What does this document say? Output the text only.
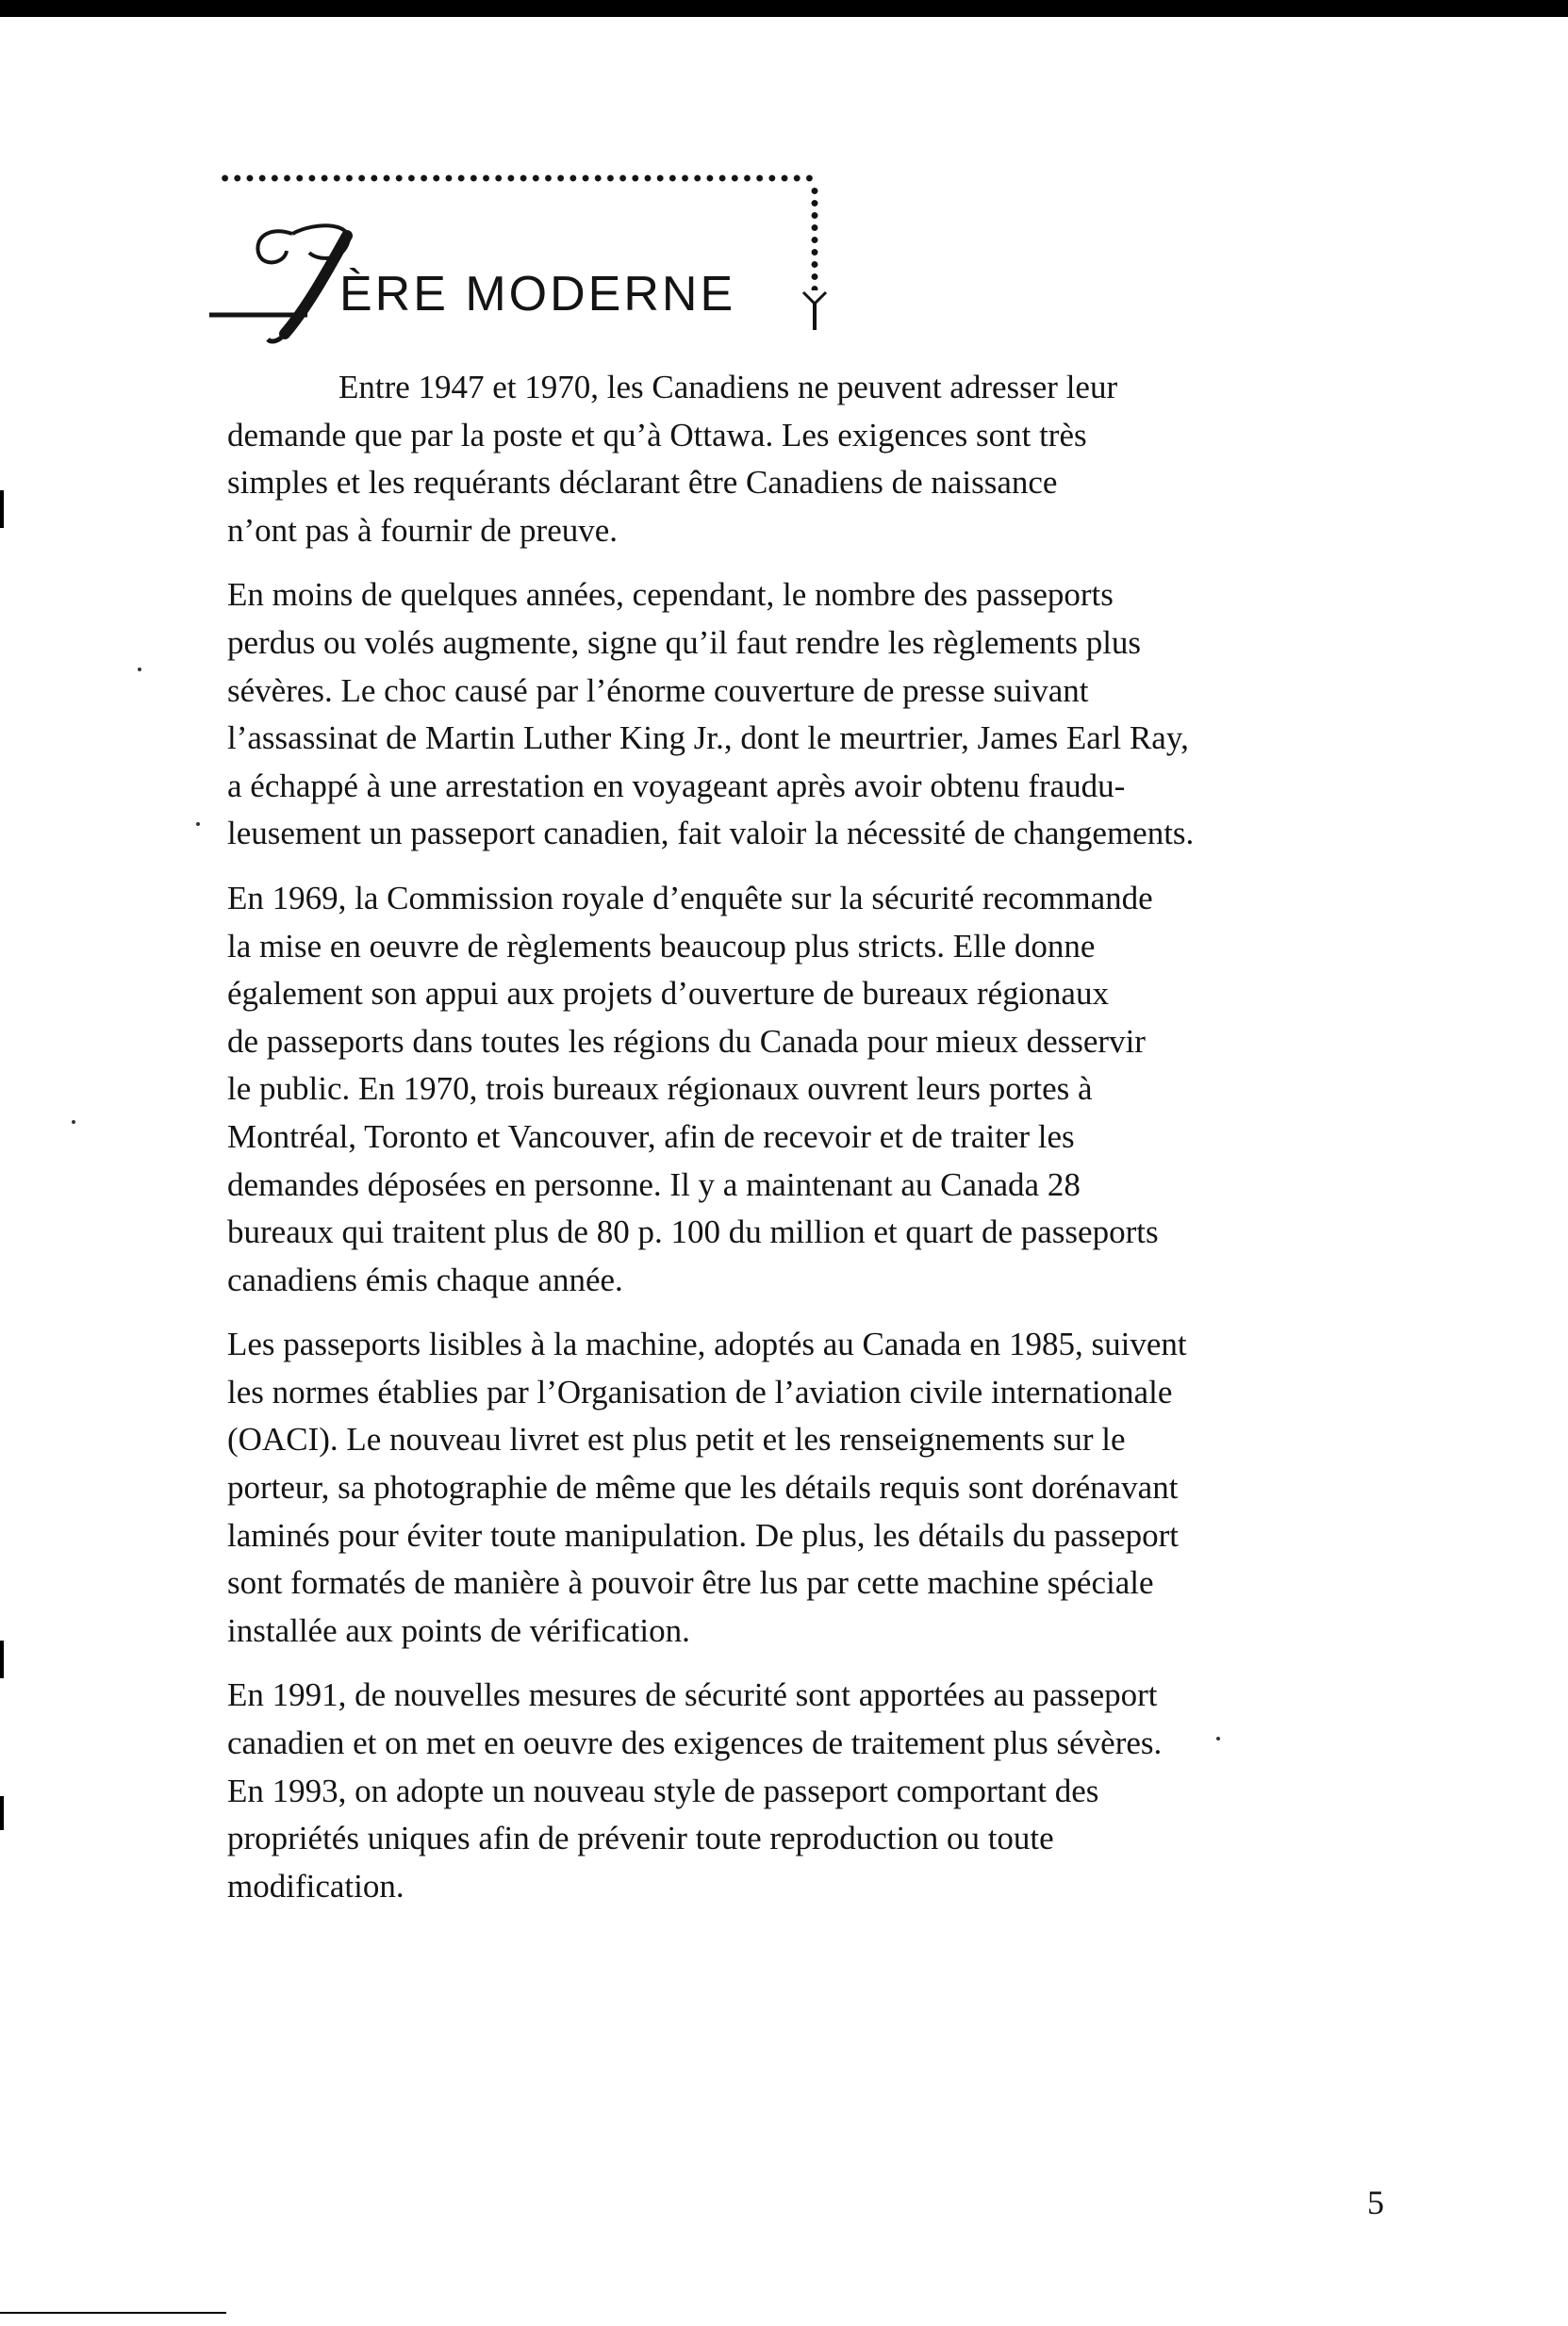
ÈRE MODERNE

Entre 1947 et 1970, les Canadiens ne peuvent adresser leur
demande que par la poste et qu’à Ottawa. Les exigences sont très
simples et les requérants déclarant être Canadiens de naissance
n’ont pas à fournir de preuve.

En moins de quelques années, cependant, le nombre des passeports
perdus ou volés augmente, signe qu’il faut rendre les règlements plus
sévères. Le choc causé par l’énorme couverture de presse suivant
l’assassinat de Martin Luther King Jr., dont le meurtrier, James Earl Ray,
a échappé à une arrestation en voyageant après avoir obtenu fraudu-
leusement un passeport canadien, fait valoir la nécessité de changements.

En 1969, la Commission royale d’enquête sur la sécurité recommande
la mise en oeuvre de règlements beaucoup plus stricts. Elle donne
également son appui aux projets d’ouverture de bureaux régionaux
de passeports dans toutes les régions du Canada pour mieux desservir
le public. En 1970, trois bureaux régionaux ouvrent leurs portes à
Montréal, Toronto et Vancouver, afin de recevoir et de traiter les
demandes déposées en personne. Il y a maintenant au Canada 28
bureaux qui traitent plus de 80 p. 100 du million et quart de passeports
canadiens émis chaque année.

Les passeports lisibles à la machine, adoptés au Canada en 1985, suivent
les normes établies par l’Organisation de l’aviation civile internationale
(OACI). Le nouveau livret est plus petit et les renseignements sur le
porteur, sa photographie de même que les détails requis sont dorénavant
laminés pour éviter toute manipulation. De plus, les détails du passeport
sont formatés de manière à pouvoir être lus par cette machine spéciale
installée aux points de vérification.

En 1991, de nouvelles mesures de sécurité sont apportées au passeport
canadien et on met en oeuvre des exigences de traitement plus sévères.
En 1993, on adopte un nouveau style de passeport comportant des
propriétés uniques afin de prévenir toute reproduction ou toute
modification.

5
